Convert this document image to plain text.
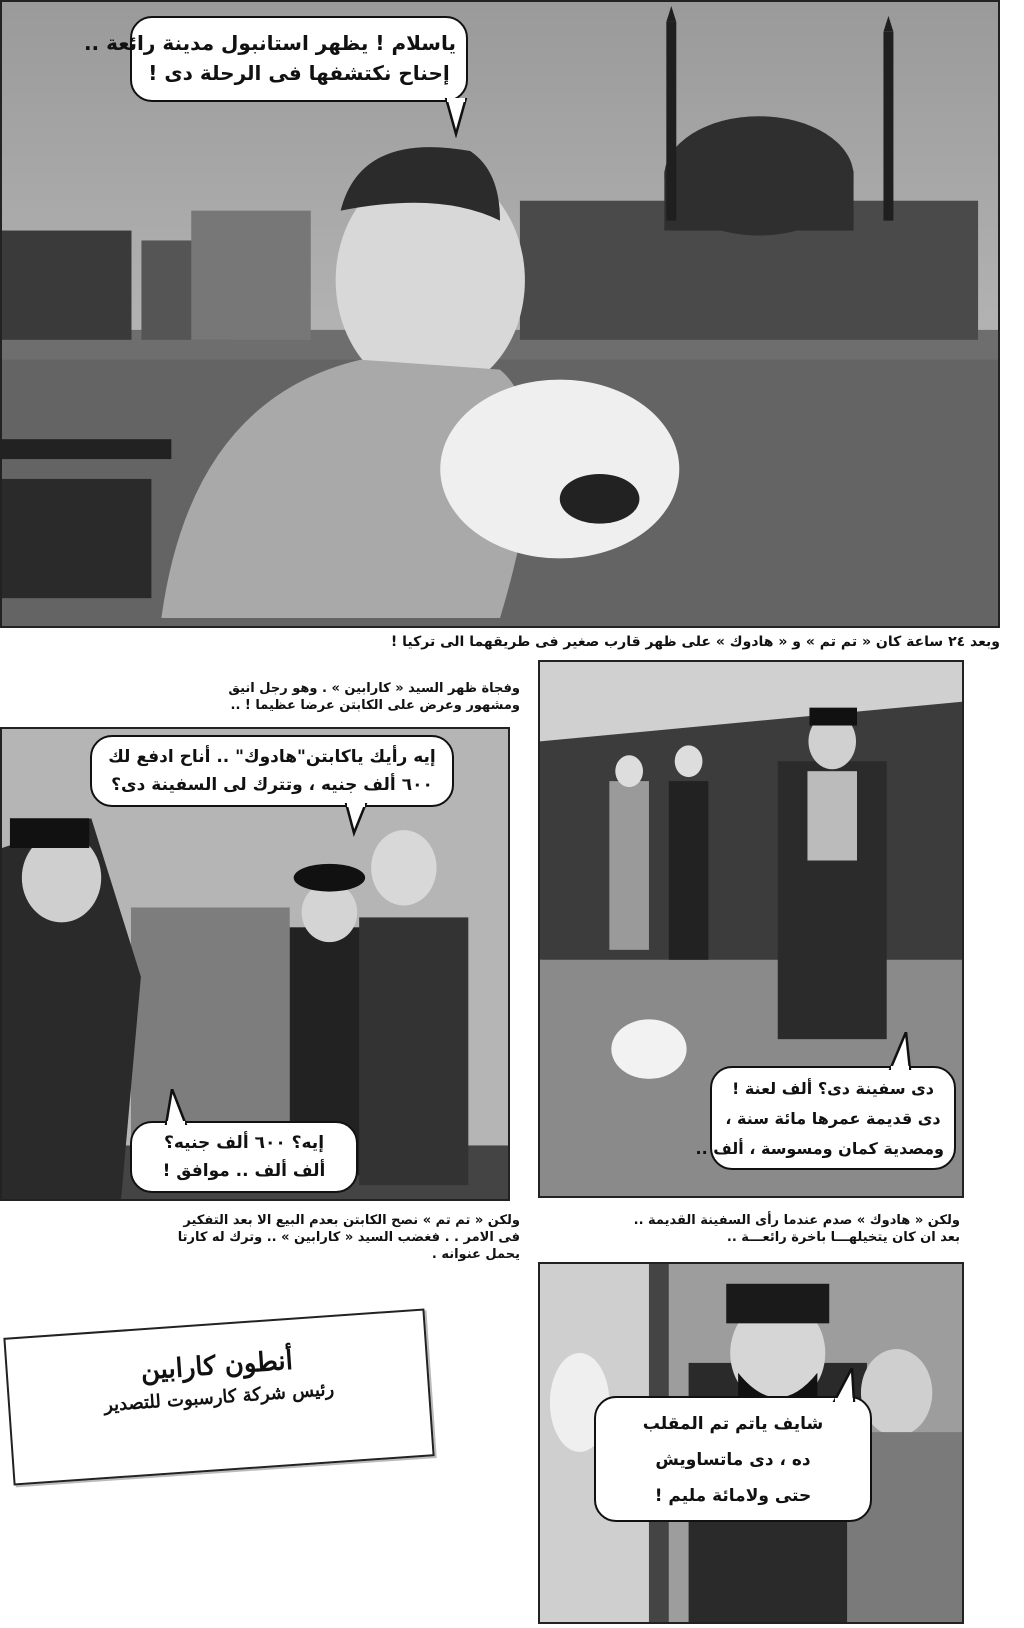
ياسلام ! يظهر استانبول مدينة رائعة ..
إحناح نكتشفها فى الرحلة دى !
وبعد ٢٤ ساعة كان « تم تم » و « هادوك » على ظهر قارب صغير فى طريقهما الى تركيا !
وفجاة ظهر السيد « كارابين » . وهو رجل انيق
ومشهور وعرض على الكابتن عرضا عظيما ! ..
إيه رأيك ياكابتن"هادوك" .. أناح ادفع لك
٦٠٠ ألف جنيه ، وتترك لى السفينة دى؟
إيه؟ ٦٠٠ ألف جنيه؟
ألف ألف .. موافق !
ولكن « تم تم » نصح الكابتن بعدم البيع الا بعد التفكير
فى الامر . . فغضب السيد « كارابين » .. وترك له كارتا
يحمل عنوانه .
دى سفينة دى؟ ألف لعنة !
دى قديمة عمرها مائة سنة ،
ومصدية كمان ومسوسة ، ألف ..
ولكن « هادوك » صدم عندما رأى السفينة القديمة ..
بعد ان كان يتخيلهـــا باخرة رائعـــة ..
أنطون كارابين
رئيس شركة كارسبوت للتصدير
شايف ياتم تم المقلب
ده ، دى ماتساويش
حتى ولامائة مليم !
